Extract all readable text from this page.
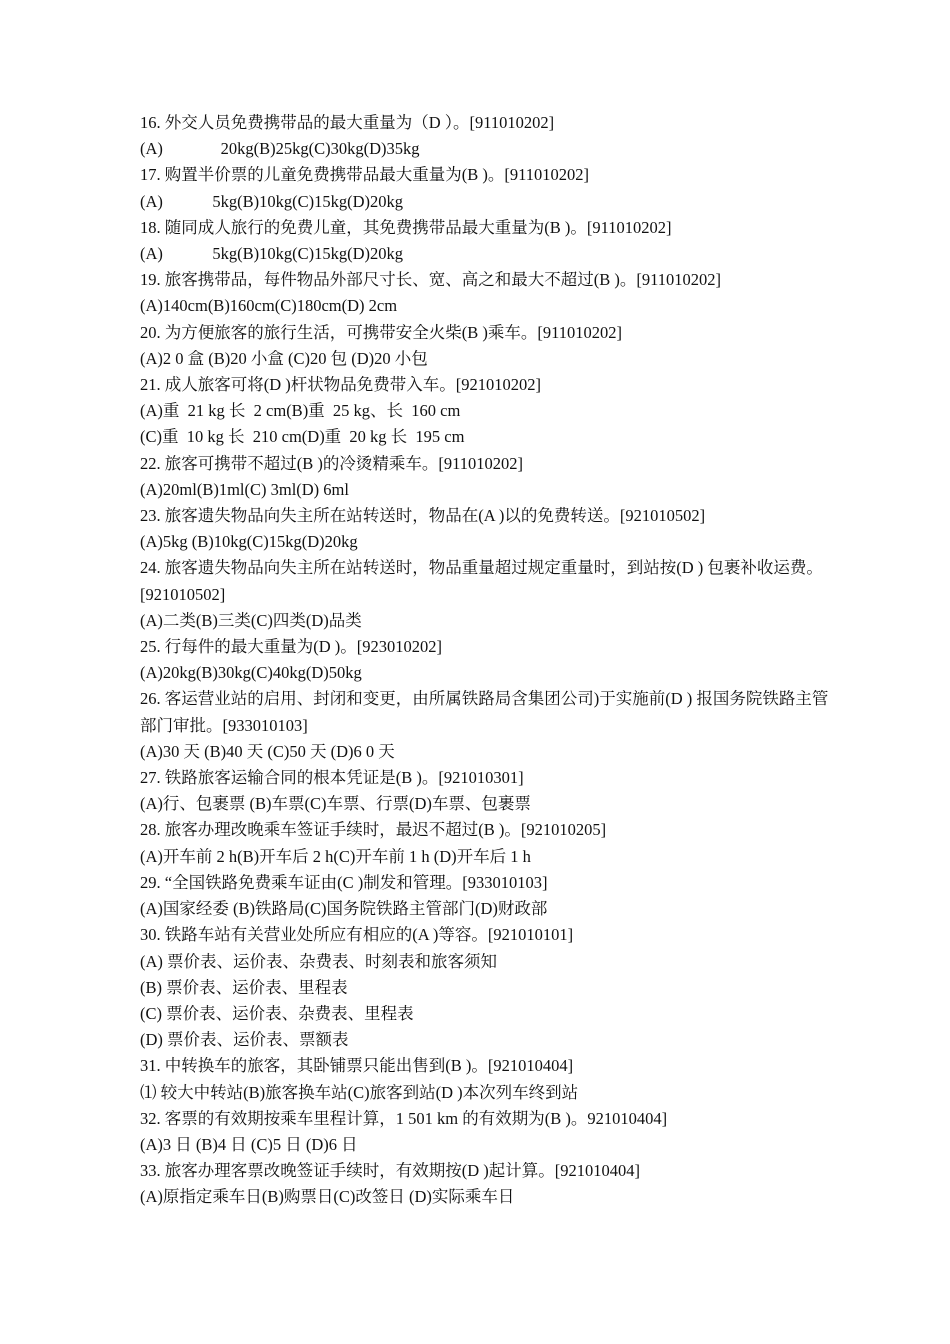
16. 外交人员免费携带品的最大重量为（D ）。[911010202]
(A)              20kg(B)25kg(C)30kg(D)35kg
17. 购置半价票的儿童免费携带品最大重量为(B )。[911010202]
(A)            5kg(B)10kg(C)15kg(D)20kg
18. 随同成人旅行的免费儿童，其免费携带品最大重量为(B )。[911010202]
(A)            5kg(B)10kg(C)15kg(D)20kg
19. 旅客携带品，每件物品外部尺寸长、宽、高之和最大不超过(B )。[911010202]
(A)140cm(B)160cm(C)180cm(D) 2cm
20. 为方便旅客的旅行生活，可携带安全火柴(B )乘车。[911010202]
(A)2 0 盒 (B)20 小盒 (C)20 包 (D)20 小包
21. 成人旅客可将(D )杆状物品免费带入车。[921010202]
(A)重  21 kg 长  2 cm(B)重  25 kg、长  160 cm
(C)重  10 kg 长  210 cm(D)重  20 kg 长  195 cm
22. 旅客可携带不超过(B )的冷烫精乘车。[911010202]
(A)20ml(B)1ml(C) 3ml(D) 6ml
23. 旅客遗失物品向失主所在站转送时，物品在(A )以的免费转送。[921010502]
(A)5kg (B)10kg(C)15kg(D)20kg
24. 旅客遗失物品向失主所在站转送时，物品重量超过规定重量时，到站按(D ) 包裹补收运费。[921010502]
(A)二类(B)三类(C)四类(D)品类
25. 行每件的最大重量为(D )。[923010202]
(A)20kg(B)30kg(C)40kg(D)50kg
26. 客运营业站的启用、封闭和变更，由所属铁路局含集团公司)于实施前(D ) 报国务院铁路主管部门审批。[933010103]
(A)30 天 (B)40 天 (C)50 天 (D)6 0 天
27. 铁路旅客运输合同的根本凭证是(B )。[921010301]
(A)行、包裹票 (B)车票(C)车票、行票(D)车票、包裹票
28. 旅客办理改晚乘车签证手续时，最迟不超过(B )。[921010205]
(A)开车前 2 h(B)开车后 2 h(C)开车前 1 h (D)开车后 1 h
29. “全国铁路免费乘车证由(C )制发和管理。[933010103]
(A)国家经委 (B)铁路局(C)国务院铁路主管部门(D)财政部
30. 铁路车站有关营业处所应有相应的(A )等容。[921010101]
(A) 票价表、运价表、杂费表、时刻表和旅客须知
(B) 票价表、运价表、里程表
(C) 票价表、运价表、杂费表、里程表
(D) 票价表、运价表、票额表
31. 中转换车的旅客，其卧铺票只能出售到(B )。[921010404]
⑴ 较大中转站(B)旅客换车站(C)旅客到站(D )本次列车终到站
32. 客票的有效期按乘车里程计算，1 501 km 的有效期为(B )。921010404]
(A)3 日 (B)4 日 (C)5 日 (D)6 日
33. 旅客办理客票改晚签证手续时，有效期按(D )起计算。[921010404]
(A)原指定乘车日(B)购票日(C)改签日 (D)实际乘车日
